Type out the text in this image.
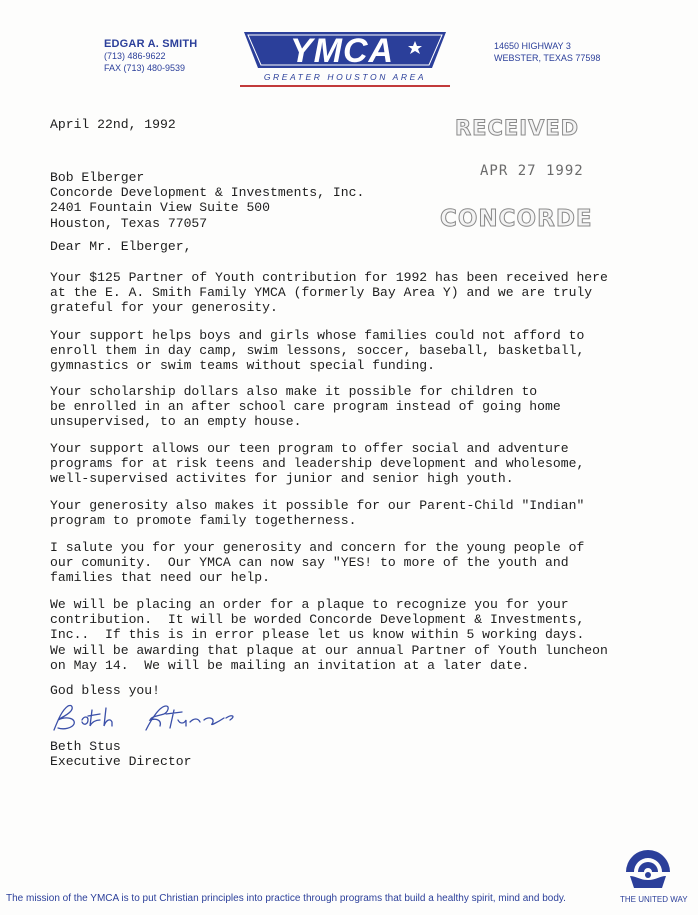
EDGAR A. SMITH
(713) 486-9622
FAX (713) 480-9539	YMCA
GREATER HOUSTON AREA
14650 HIGHWAY 3
WEBSTER, TEXAS 77598
RECEIVED
APR 27 1992
CONCORDE
April 22nd, 1992
Bob Elberger
Concorde Development & Investments, Inc.
2401 Fountain View Suite 500
Houston, Texas 77057
Dear Mr. Elberger,
Your $125 Partner of Youth contribution for 1992 has been received here
at the E. A. Smith Family YMCA (formerly Bay Area Y) and we are truly
grateful for your generosity.
Your support helps boys and girls whose families could not afford to
enroll them in day camp, swim lessons, soccer, baseball, basketball,
gymnastics or swim teams without special funding.
Your scholarship dollars also make it possible for children to
be enrolled in an after school care program instead of going home
unsupervised, to an empty house.
Your support allows our teen program to offer social and adventure
programs for at risk teens and leadership development and wholesome,
well-supervised activites for junior and senior high youth.
Your generosity also makes it possible for our Parent-Child "Indian"
program to promote family togetherness.
I salute you for your generosity and concern for the young people of
our comunity.  Our YMCA can now say "YES! to more of the youth and
families that need our help.
We will be placing an order for a plaque to recognize you for your
contribution.  It will be worded Concorde Development & Investments,
Inc..  If this is in error please let us know within 5 working days.
We will be awarding that plaque at our annual Partner of Youth luncheon
on May 14.  We will be mailing an invitation at a later date.
God bless you!
Beth Stus
Executive Director
THE UNITED WAY
The mission of the YMCA is to put Christian principles into practice through programs that build a healthy spirit, mind and body.
